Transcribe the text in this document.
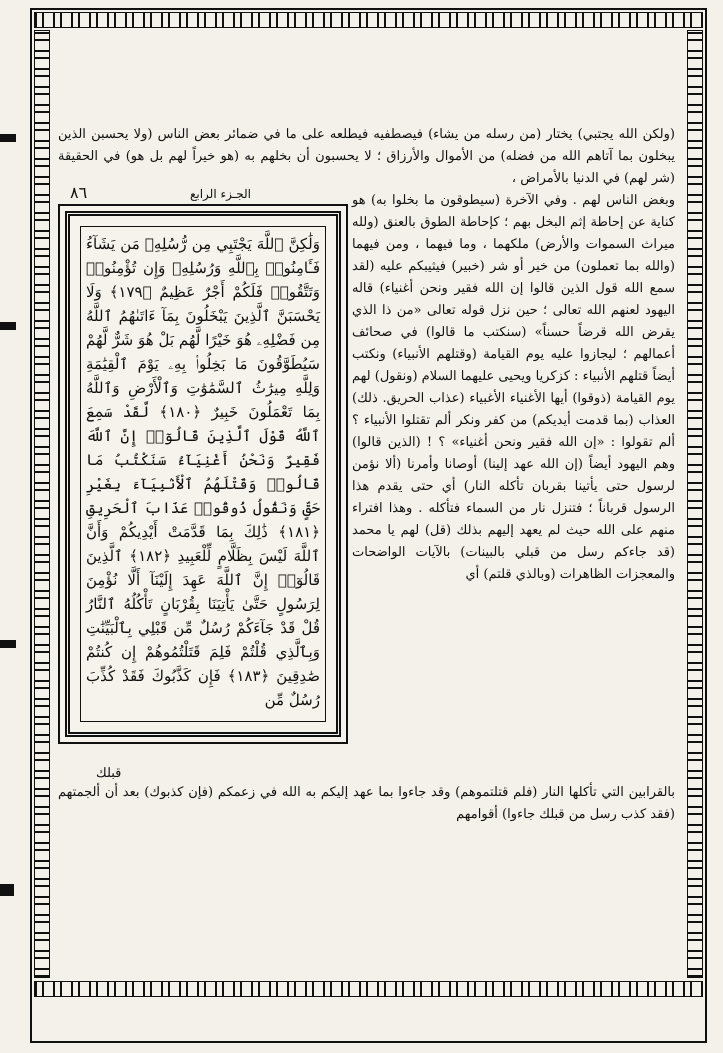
(ولكن الله يجتبي) يختار (من رسله من يشاء) فيصطفيه فيطلعه على ما في ضمائر بعض الناس (ولا يحسبن الذين يبخلون بما آتاهم الله من فضله) من الأموال والأرزاق ؛ لا يحسبون أن بخلهم به (هو خيراً لهم بل هو) في الحقيقة (شر لهم) في الدنيا بالأمراض ،
٨٦	الجـزء الرابع
وَلَٰكِنَّ ٱللَّهَ يَجْتَبِي مِن رُّسُلِهِۦ مَن يَشَآءُ فَـَٔامِنُوا۟ بِٱللَّهِ وَرُسُلِهِۦ وَإِن تُؤْمِنُوا۟ وَتَتَّقُوا۟ فَلَكُمْ أَجْرٌ عَظِيمٌ ﴿١٧٩﴾ وَلَا يَحْسَبَنَّ ٱلَّذِينَ يَبْخَلُونَ بِمَآ ءَاتَىٰهُمُ ٱللَّهُ مِن فَضْلِهِۦ هُوَ خَيْرًا لَّهُم بَلْ هُوَ شَرٌّ لَّهُمْ سَيُطَوَّقُونَ مَا بَخِلُوا۟ بِهِۦ يَوْمَ ٱلْقِيَٰمَةِ وَلِلَّهِ مِيرَٰثُ ٱلسَّمَٰوَٰتِ وَٱلْأَرْضِ وَٱللَّهُ بِمَا تَعْمَلُونَ خَبِيرٌ ﴿١٨٠﴾ لَّقَدْ سَمِعَ ٱللَّهُ قَوْلَ ٱلَّذِينَ قَالُوٓا۟ إِنَّ ٱللَّهَ فَقِيرٌ وَنَحْنُ أَغْنِيَآءُ سَنَكْتُبُ مَا قَالُوا۟ وَقَتْلَهُمُ ٱلْأَنۢبِيَآءَ بِغَيْرِ حَقٍّ وَنَقُولُ ذُوقُوا۟ عَذَابَ ٱلْحَرِيقِ ﴿١٨١﴾ ذَٰلِكَ بِمَا قَدَّمَتْ أَيْدِيكُمْ وَأَنَّ ٱللَّهَ لَيْسَ بِظَلَّامٍ لِّلْعَبِيدِ ﴿١٨٢﴾ ٱلَّذِينَ قَالُوٓا۟ إِنَّ ٱللَّهَ عَهِدَ إِلَيْنَآ أَلَّا نُؤْمِنَ لِرَسُولٍ حَتَّىٰ يَأْتِيَنَا بِقُرْبَانٍ تَأْكُلُهُ ٱلنَّارُ قُلْ قَدْ جَآءَكُمْ رُسُلٌ مِّن قَبْلِي بِٱلْبَيِّنَٰتِ وَبِٱلَّذِي قُلْتُمْ فَلِمَ قَتَلْتُمُوهُمْ إِن كُنتُمْ صَٰدِقِينَ ﴿١٨٣﴾ فَإِن كَذَّبُوكَ فَقَدْ كُذِّبَ رُسُلٌ مِّن
وبغض الناس لهم . وفي الآخرة (سيطوقون ما بخلوا به) هو كناية عن إحاطة إثم البخل بهم ؛ كإحاطة الطوق بالعنق (ولله ميراث السموات والأرض) ملكهما ، وما فيهما ، ومن فيهما (والله بما تعملون) من خير أو شر (خبير) فيثيبكم عليه (لقد سمع الله قول الذين قالوا إن الله فقير ونحن أغنياء) قاله اليهود لعنهم الله تعالى ؛ حين نزل قوله تعالى «من ذا الذي يقرض الله قرضاً حسناً» (سنكتب ما قالوا) في صحائف أعمالهم ؛ ليجازوا عليه يوم القيامة (وقتلهم الأنبياء) ونكتب أيضاً قتلهم الأنبياء : كزكريا ويحيى عليهما السلام (ونقول) لهم يوم القيامة (ذوقوا) أيها الأغنياء الأغبياء (عذاب الحريق. ذلك) العذاب (بما قدمت أيديكم) من كفر ونكر ألم تقتلوا الأنبياء ؟ ألم تقولوا : «إن الله فقير ونحن أغنياء» ؟ ! (الذين قالوا) وهم اليهود أيضاً (إن الله عهد إلينا) أوصانا وأمرنا (ألا نؤمن لرسول حتى يأتينا بقربان تأكله النار) أي حتى يقدم هذا الرسول قرباناً ؛ فتنزل نار من السماء فتأكله . وهذا افتراء منهم على الله حيث لم يعهد إليهم بذلك (قل) لهم يا محمد (قد جاءكم رسل من قبلي بالبينات) بالآيات الواضحات والمعجزات الظاهرات (وبالذي قلتم) أي
قبلك
بالقرابين التي تأكلها النار (فلم قتلتموهم) وقد جاءوا بما عهد إليكم به الله في زعمكم (فإن كذبوك) بعد أن ألجمتهم (فقد كذب رسل من قبلك جاءوا) أقوامهم
